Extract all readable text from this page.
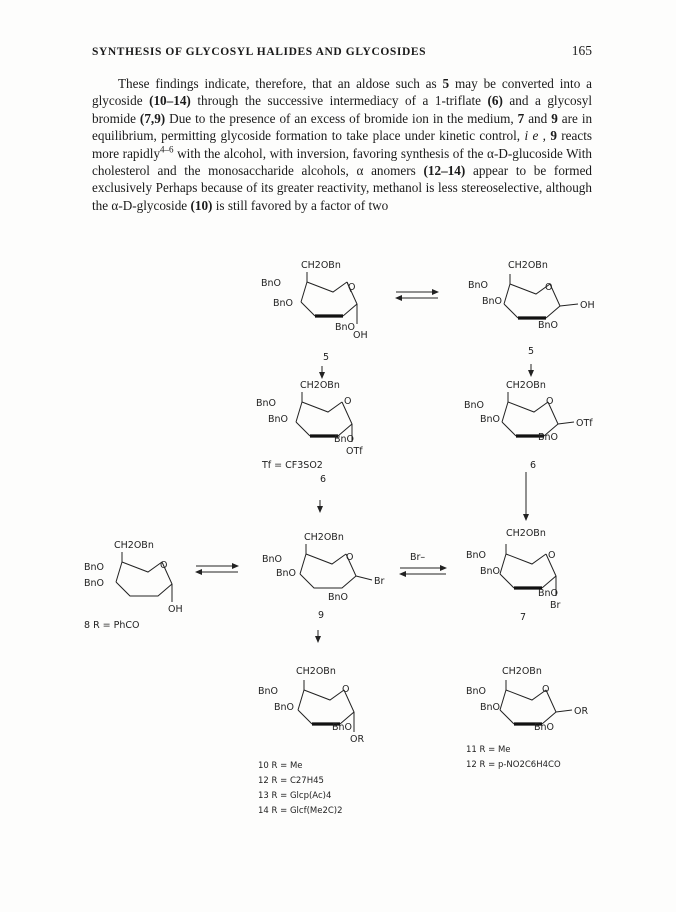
SYNTHESIS OF GLYCOSYL HALIDES AND GLYCOSIDES	165

These findings indicate, therefore, that an aldose such as 5 may be converted into a glycoside (10–14) through the successive intermediacy of a 1-triflate (6) and a glycosyl bromide (7,9) Due to the presence of an excess of bromide ion in the medium, 7 and 9 are in equilibrium, permitting glycoside formation to take place under kinetic control, i e , 9 reacts more rapidly$^{4-6}$ with the alcohol, with inversion, favoring synthesis of the α-D-glucoside With cholesterol and the monosaccharide alcohols, α anomers (12–14) appear to be formed exclusively Perhaps because of its greater reactivity, methanol is less stereoselective, although the α-D-glycoside (10) is still favored by a factor of two

CH2OBn
BnO
BnO
BnO
O
OH
5
CH2OBn
BnO
BnO
BnO
O
OH
5
CH2OBn
BnO
BnO
BnO
O
OTf
Tf = CF3SO2
6
CH2OBn
BnO
BnO
BnO
O
OTf
6
CH2OBn
BnO
BnO
O
OH
8 R = PhCO
CH2OBn
BnO
BnO
BnO
O
Br
9
Br–
CH2OBn
BnO
BnO
BnO
O
Br
7
CH2OBn
BnO
BnO
BnO
O
OR
CH2OBn
BnO
BnO
BnO
O
OR
10 R = Me
12 R = C27H45
13 R = Glcp(Ac)4
14 R = Glcf(Me2C)2
11 R = Me
12 R = p-NO2C6H4CO
